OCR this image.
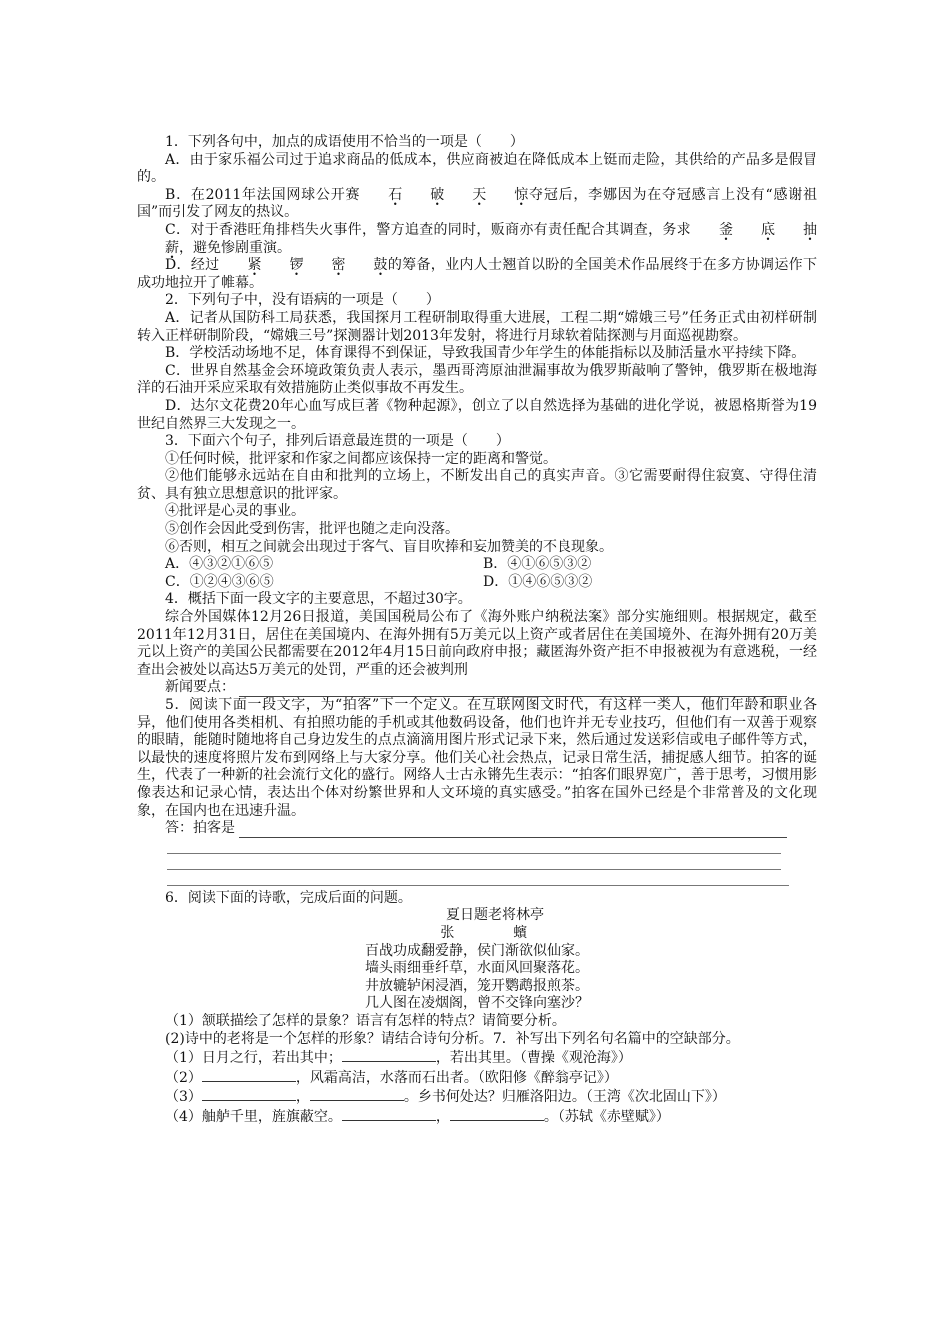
1．下列各句中，加点的成语使用不恰当的一项是（　　）
A．由于家乐福公司过于追求商品的低成本，供应商被迫在降低成本上铤而走险，其供给的产品多是假冒的。
B．在2011年法国网球公开赛 石 破 天 惊夺冠后，李娜因为在夺冠感言上没有“感谢祖国”而引发了网友的热议。
C．对于香港旺角排档失火事件，警方追查的同时，贩商亦有责任配合其调查，务求 釜 底 抽薪，避免惨剧重演。
D．经过 紧 锣 密 鼓的筹备，业内人士翘首以盼的全国美术作品展终于在多方协调运作下成功地拉开了帷幕。
2．下列句子中，没有语病的一项是（　　）
A．记者从国防科工局获悉，我国探月工程研制取得重大进展，工程二期“嫦娥三号”任务正式由初样研制转入正样研制阶段，“嫦娥三号”探测器计划2013年发射，将进行月球软着陆探测与月面巡视勘察。
B．学校活动场地不足，体育课得不到保证，导致我国青少年学生的体能指标以及肺活量水平持续下降。
C．世界自然基金会环境政策负责人表示，墨西哥湾原油泄漏事故为俄罗斯敲响了警钟，俄罗斯在极地海洋的石油开采应采取有效措施防止类似事故不再发生。
D．达尔文花费20年心血写成巨著《物种起源》，创立了以自然选择为基础的进化学说，被恩格斯誉为19世纪自然界三大发现之一。
3．下面六个句子，排列后语意最连贯的一项是（　　）
①任何时候，批评家和作家之间都应该保持一定的距离和警觉。
②他们能够永远站在自由和批判的立场上，不断发出自己的真实声音。③它需要耐得住寂寞、守得住清贫、具有独立思想意识的批评家。
④批评是心灵的事业。
⑤创作会因此受到伤害，批评也随之走向没落。
⑥否则，相互之间就会出现过于客气、盲目吹捧和妄加赞美的不良现象。
A．④③②①⑥⑤	B．④①⑥⑤③②
C．①②④③⑥⑤	D．①④⑥⑤③②
4．概括下面一段文字的主要意思，不超过30字。
综合外国媒体12月26日报道，美国国税局公布了《海外账户纳税法案》部分实施细则。根据规定，截至2011年12月31日，居住在美国境内、在海外拥有5万美元以上资产或者居住在美国境外、在海外拥有20万美元以上资产的美国公民都需要在2012年4月15日前向政府申报；藏匿海外资产拒不申报被视为有意逃税，一经查出会被处以高达5万美元的处罚，严重的还会被判刑
新闻要点：
5．阅读下面一段文字，为“拍客”下一个定义。在互联网图文时代，有这样一类人，他们年龄和职业各异，他们使用各类相机、有拍照功能的手机或其他数码设备，他们也许并无专业技巧，但他们有一双善于观察的眼睛，能随时随地将自己身边发生的点点滴滴用图片形式记录下来，然后通过发送彩信或电子邮件等方式，以最快的速度将照片发布到网络上与大家分享。他们关心社会热点，记录日常生活，捕捉感人细节。拍客的诞生，代表了一种新的社会流行文化的盛行。网络人士古永锵先生表示：“拍客们眼界宽广，善于思考，习惯用影像表达和记录心情，表达出个体对纷繁世界和人文环境的真实感受。”拍客在国外已经是个非常普及的文化现象，在国内也在迅速升温。
答：拍客是
6．阅读下面的诗歌，完成后面的问题。
夏日题老将林亭
张　蠙
百战功成翻爱静，侯门渐欲似仙家。
墙头雨细垂纤草，水面风回聚落花。
井放辘轳闲浸酒，笼开鹦鹉报煎茶。
几人图在凌烟阁，曾不交锋向塞沙？
（1）颔联描绘了怎样的景象？语言有怎样的特点？请简要分析。
(2)诗中的老将是一个怎样的形象？请结合诗句分析。7．补写出下列名句名篇中的空缺部分。
（1）日月之行，若出其中；	，若出其里。（曹操《观沧海》）
（2）	，风霜高洁，水落而石出者。（欧阳修《醉翁亭记》）
（3）	，	。乡书何处达？归雁洛阳边。（王湾《次北固山下》）
（4）舳舻千里，旌旗蔽空。	，	。（苏轼《赤壁赋》）
